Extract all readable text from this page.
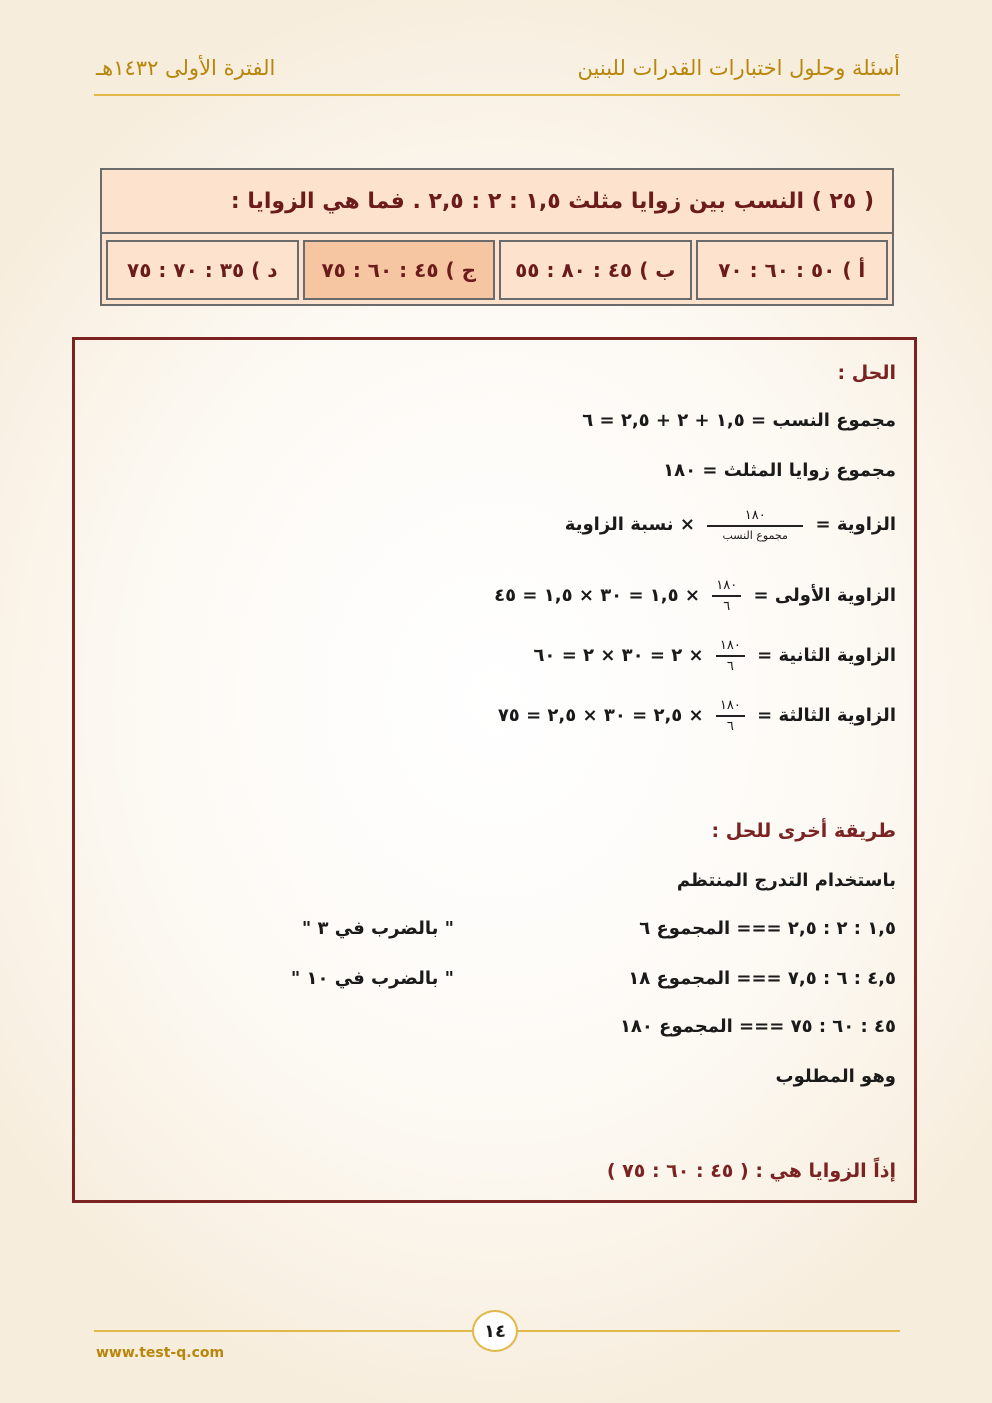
أسئلة وحلول اختبارات القدرات للبنين
الفترة الأولى ١٤٣٢هـ
( ٢٥ ) النسب بين زوايا مثلث ١,٥ : ٢ : ٢,٥ . فما هي الزوايا :
أ )

٥٠ : ٦٠ : ٧٠
ب )

٤٥ : ٨٠ : ٥٥
ج )

٤٥ : ٦٠ : ٧٥
د )

٣٥ : ٧٠ : ٧٥
الحل :
مجموع النسب = ١,٥ + ٢ + ٢,٥ = ٦
مجموع زوايا المثلث = ١٨٠
الزاوية =
$\frac{١٨٠}{\text{مجموع النسب}}$
× نسبة الزاوية
الزاوية الأولى =
$\frac{١٨٠}{٦}$
× ١,٥ = ٣٠ × ١,٥ = ٤٥
الزاوية الثانية =
$\frac{١٨٠}{٦}$
× ٢ = ٣٠ × ٢ = ٦٠
الزاوية الثالثة =
$\frac{١٨٠}{٦}$
× ٢,٥ = ٣٠ × ٢,٥ = ٧٥
طريقة أخرى للحل :
باستخدام التدرج المنتظم
١,٥ : ٢ : ٢,٥ === المجموع ٦
" بالضرب في ٣ "
٤,٥ : ٦ : ٧,٥ === المجموع ١٨
" بالضرب في ١٠ "
٤٥ : ٦٠ : ٧٥ === المجموع ١٨٠
وهو المطلوب
إذاً الزوايا هي : ( ٤٥ : ٦٠ : ٧٥ )
١٤
www.test-q.com
